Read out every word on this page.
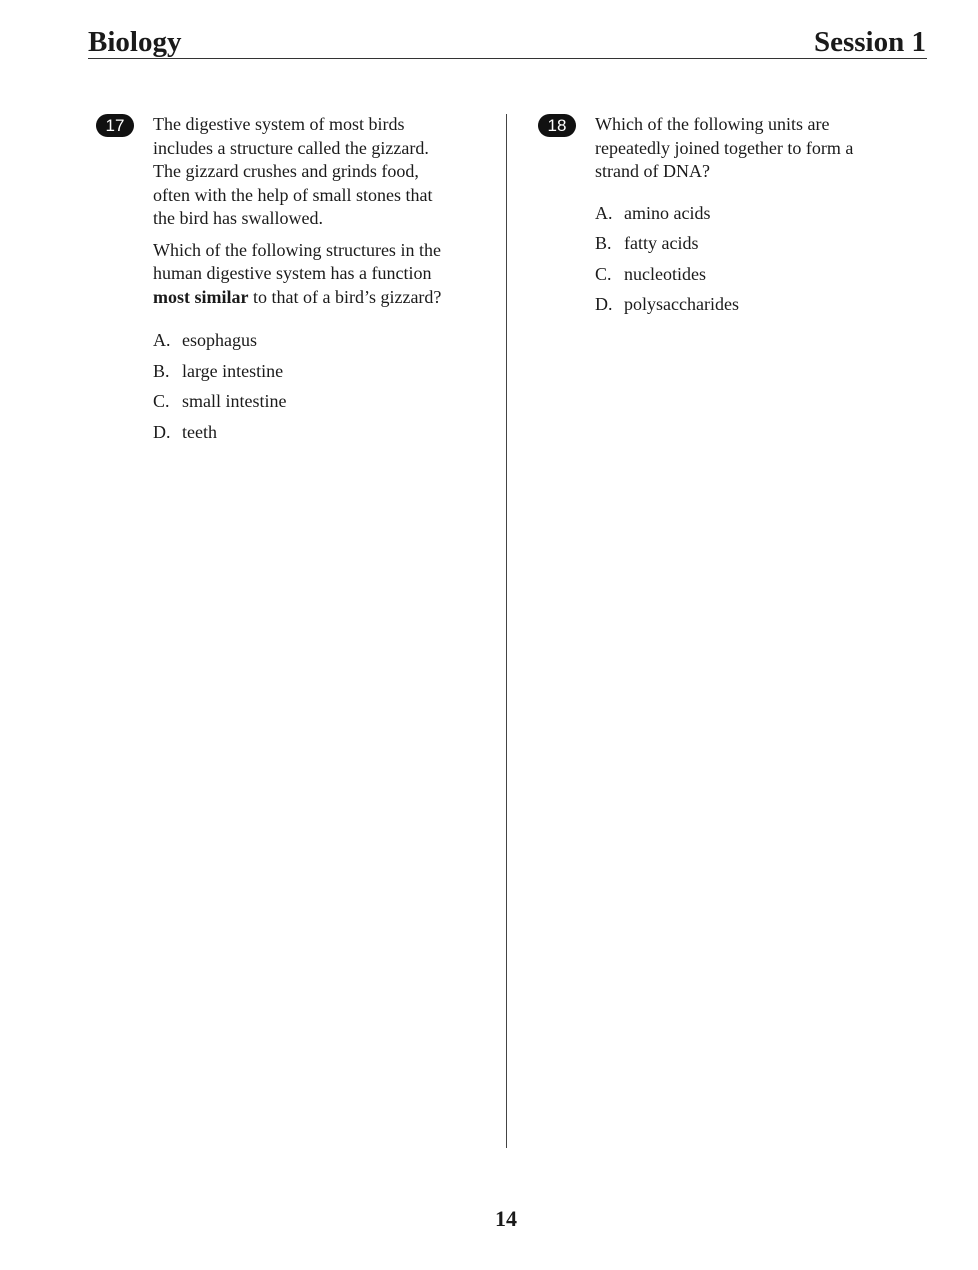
Biology	Session 1
17	The digestive system of most birds
includes a structure called the gizzard.
The gizzard crushes and grinds food,
often with the help of small stones that
the bird has swallowed.

Which of the following structures in the
human digestive system has a function
most similar to that of a bird’s gizzard?

A. esophagus
B. large intestine
C. small intestine
D. teeth
18	Which of the following units are
repeatedly joined together to form a
strand of DNA?

A. amino acids
B. fatty acids
C. nucleotides
D. polysaccharides
14
